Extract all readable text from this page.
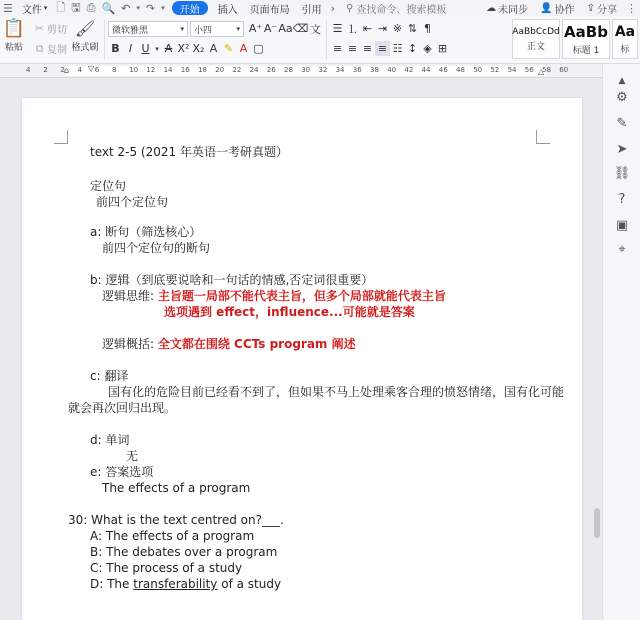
☰ 文件 ▾ 🗋 🖫 ⎙ 🔍 ↶ ▾ ↷ ▾	开始	插入	页面布局	引用 ›	⚲ 查找命令、搜索模板	☁ 未同步 👤 协作 ⇪ 分享 ⋮
📋
粘贴
✂ 剪切
⧉ 复制
🖌
格式刷
微软雅黑	▾ 小四	▾ A⁺ A⁻ Aa ⌫ 文
B I U ▾ A X² X₂ A ✎ A ▢
☰ ⒈ ⇤ ⇥ ※ ⇅ ¶
≡ ≡ ≡ ≡ ☷ ↕ ◈ ⊞
AaBbCcDd
正文
AaBb
标题 1
Aa
标
4 2 2 4 6 8 10 12 14 16 18 20 22 24 26 28 30 32 34 36 38 40 42 44 46 48 50 52 54 56 58 60
⌂ ▽	△
text 2-5 (2021 年英语一考研真题）
定位句
前四个定位句
a: 断句（筛选核心）
前四个定位句的断句
b: 逻辑（到底要说啥和一句话的情感,否定词很重要）
逻辑思维: 主旨题一局部不能代表主旨，但多个局部就能代表主旨
选项遇到 effect，influence...可能就是答案
逻辑概括: 全文都在围绕 CCTs program 阐述
c: 翻译
国有化的危险目前已经看不到了，但如果不马上处理乘客合理的愤怒情绪，国有化可能
就会再次回归出现。
d: 单词
无
e: 答案选项
The effects of a program
30: What is the text centred on?___.
A: The effects of a program
B: The debates over a program
C: The process of a study
D: The transferability of a study
▲
⚙
✎
➤
⛓
?
▣
⌖
